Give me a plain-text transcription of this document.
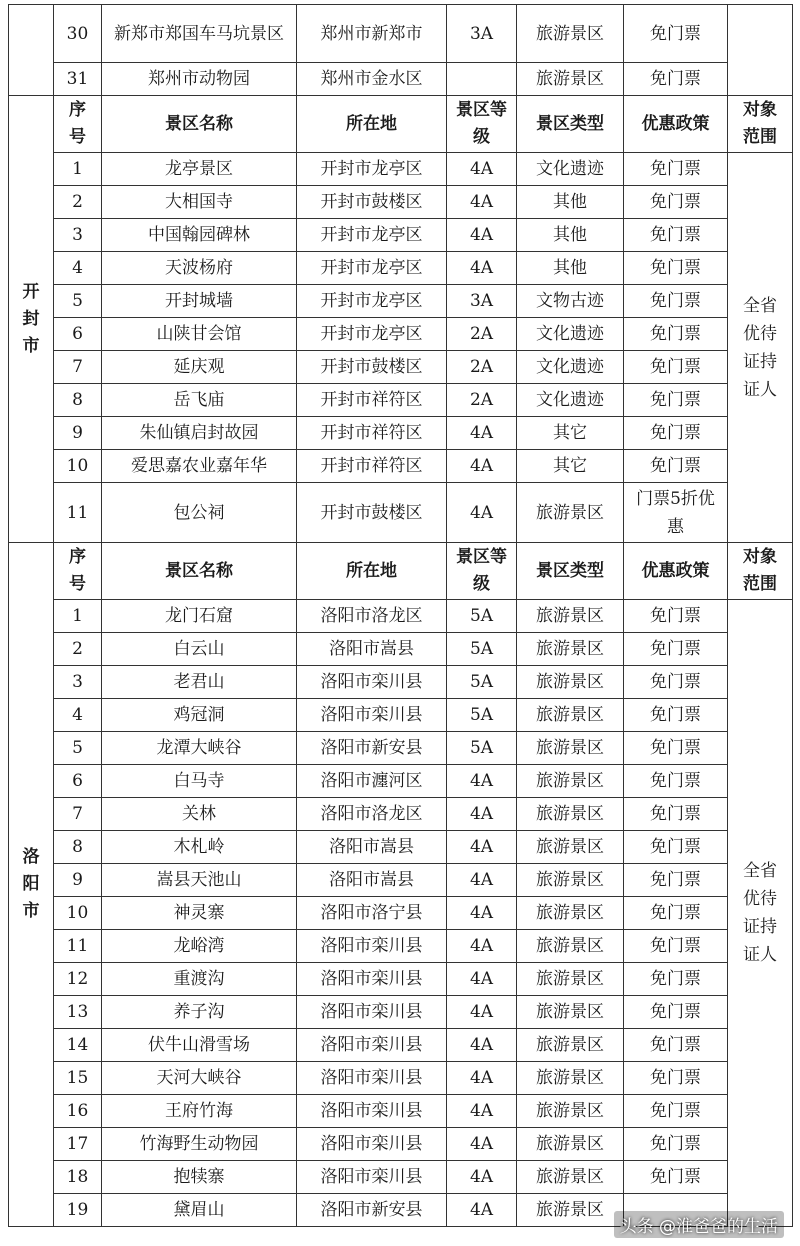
	30	新郑市郑国车马坑景区	郑州市新郑市	3A	旅游景区	免门票	
	31	郑州市动物园	郑州市金水区		旅游景区	免门票	
开
封
市	序号	景区名称	所在地	景区等级	景区类型	优惠政策	对象范围
	1	龙亭景区	开封市龙亭区	4A	文化遗迹	免门票	全省优待证持证人
	2	大相国寺	开封市鼓楼区	4A	其他	免门票	
	3	中国翰园碑林	开封市龙亭区	4A	其他	免门票	
	4	天波杨府	开封市龙亭区	4A	其他	免门票	
	5	开封城墙	开封市龙亭区	3A	文物古迹	免门票	
	6	山陕甘会馆	开封市龙亭区	2A	文化遗迹	免门票	
	7	延庆观	开封市鼓楼区	2A	文化遗迹	免门票	
	8	岳飞庙	开封市祥符区	2A	文化遗迹	免门票	
	9	朱仙镇启封故园	开封市祥符区	4A	其它	免门票	
	10	爱思嘉农业嘉年华	开封市祥符区	4A	其它	免门票	
	11	包公祠	开封市鼓楼区	4A	旅游景区	门票5折优惠	
洛
阳
市	序号	景区名称	所在地	景区等级	景区类型	优惠政策	对象范围
	1	龙门石窟	洛阳市洛龙区	5A	旅游景区	免门票	全省优待证持证人
	2	白云山	洛阳市嵩县	5A	旅游景区	免门票	
	3	老君山	洛阳市栾川县	5A	旅游景区	免门票	
	4	鸡冠洞	洛阳市栾川县	5A	旅游景区	免门票	
	5	龙潭大峡谷	洛阳市新安县	5A	旅游景区	免门票	
	6	白马寺	洛阳市瀍河区	4A	旅游景区	免门票	
	7	关林	洛阳市洛龙区	4A	旅游景区	免门票	
	8	木札岭	洛阳市嵩县	4A	旅游景区	免门票	
	9	嵩县天池山	洛阳市嵩县	4A	旅游景区	免门票	
	10	神灵寨	洛阳市洛宁县	4A	旅游景区	免门票	
	11	龙峪湾	洛阳市栾川县	4A	旅游景区	免门票	
	12	重渡沟	洛阳市栾川县	4A	旅游景区	免门票	
	13	养子沟	洛阳市栾川县	4A	旅游景区	免门票	
	14	伏牛山滑雪场	洛阳市栾川县	4A	旅游景区	免门票	
	15	天河大峡谷	洛阳市栾川县	4A	旅游景区	免门票	
	16	王府竹海	洛阳市栾川县	4A	旅游景区	免门票	
	17	竹海野生动物园	洛阳市栾川县	4A	旅游景区	免门票	
	18	抱犊寨	洛阳市栾川县	4A	旅游景区	免门票	
	19	黛眉山	洛阳市新安县	4A	旅游景区		
头条 @淮爸爸的生活
